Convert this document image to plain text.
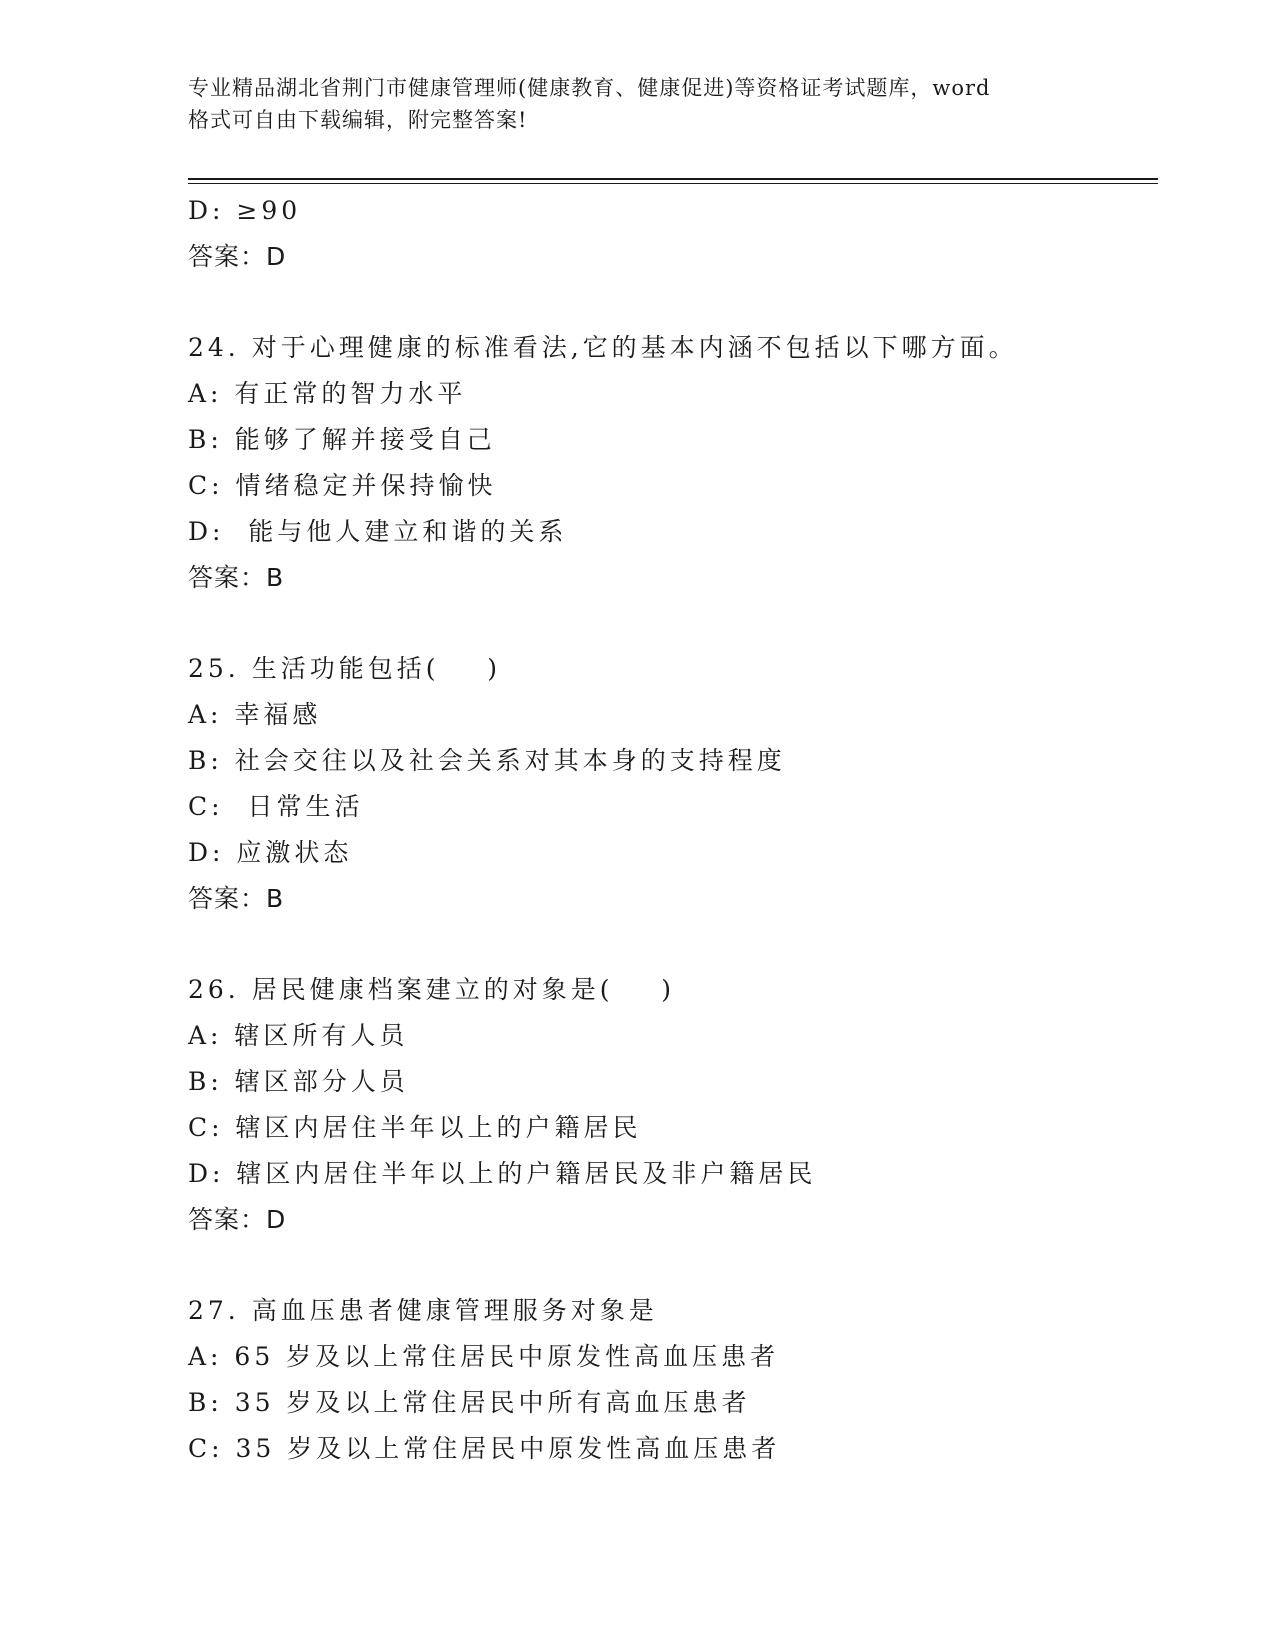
专业精品湖北省荆门市健康管理师(健康教育、健康促进)等资格证考试题库，word
格式可自由下载编辑，附完整答案!
D: ≥90
答案：D
24. 对于心理健康的标准看法,它的基本内涵不包括以下哪方面。
A: 有正常的智力水平
B: 能够了解并接受自己
C: 情绪稳定并保持愉快
D:  能与他人建立和谐的关系
答案：B
25. 生活功能包括(    )
A: 幸福感
B: 社会交往以及社会关系对其本身的支持程度
C:  日常生活
D: 应激状态
答案：B
26. 居民健康档案建立的对象是(    )
A: 辖区所有人员
B: 辖区部分人员
C: 辖区内居住半年以上的户籍居民
D: 辖区内居住半年以上的户籍居民及非户籍居民
答案：D
27. 高血压患者健康管理服务对象是
A: 65 岁及以上常住居民中原发性高血压患者
B: 35 岁及以上常住居民中所有高血压患者
C: 35 岁及以上常住居民中原发性高血压患者
